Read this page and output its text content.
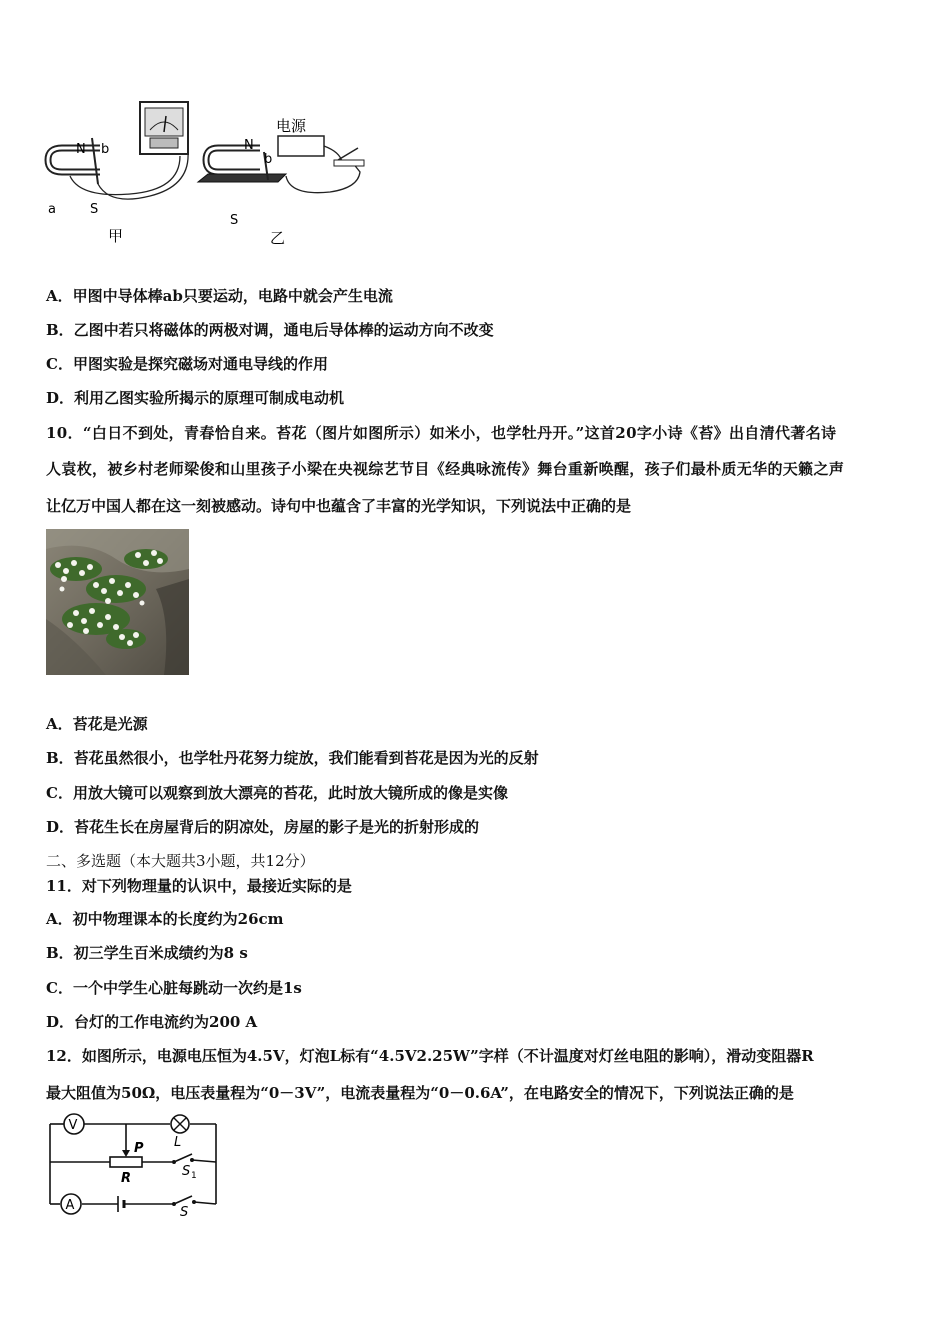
N b
a	S
甲
电源
N
b
S
乙
A．甲图中导体棒ab只要运动，电路中就会产生电流
B．乙图中若只将磁体的两极对调，通电后导体棒的运动方向不改变
C．甲图实验是探究磁场对通电导线的作用
D．利用乙图实验所揭示的原理可制成电动机
10．“白日不到处，青春恰自来。苔花（图片如图所示）如米小，也学牡丹开。”这首20字小诗《苔》出自清代著名诗
人袁枚，被乡村老师梁俊和山里孩子小梁在央视综艺节目《经典咏流传》舞台重新唤醒，孩子们最朴质无华的天籁之声
让亿万中国人都在这一刻被感动。诗句中也蕴含了丰富的光学知识，下列说法中正确的是
A．苔花是光源
B．苔花虽然很小，也学牡丹花努力绽放，我们能看到苔花是因为光的反射
C．用放大镜可以观察到放大漂亮的苔花，此时放大镜所成的像是实像
D．苔花生长在房屋背后的阴凉处，房屋的影子是光的折射形成的
二、多选题（本大题共3小题，共12分）
11．对下列物理量的认识中，最接近实际的是
A．初中物理课本的长度约为26cm
B．初三学生百米成绩约为8 s
C．一个中学生心脏每跳动一次约是1s
D．台灯的工作电流约为200 A
12．如图所示，电源电压恒为4.5V，灯泡L标有“4.5V2.25W”字样（不计温度对灯丝电阻的影响），滑动变阻器R
最大阻值为50Ω，电压表量程为“0－3V”，电流表量程为“0－0.6A”，在电路安全的情况下，下列说法正确的是
V
L
P
R	S 1
A	S
